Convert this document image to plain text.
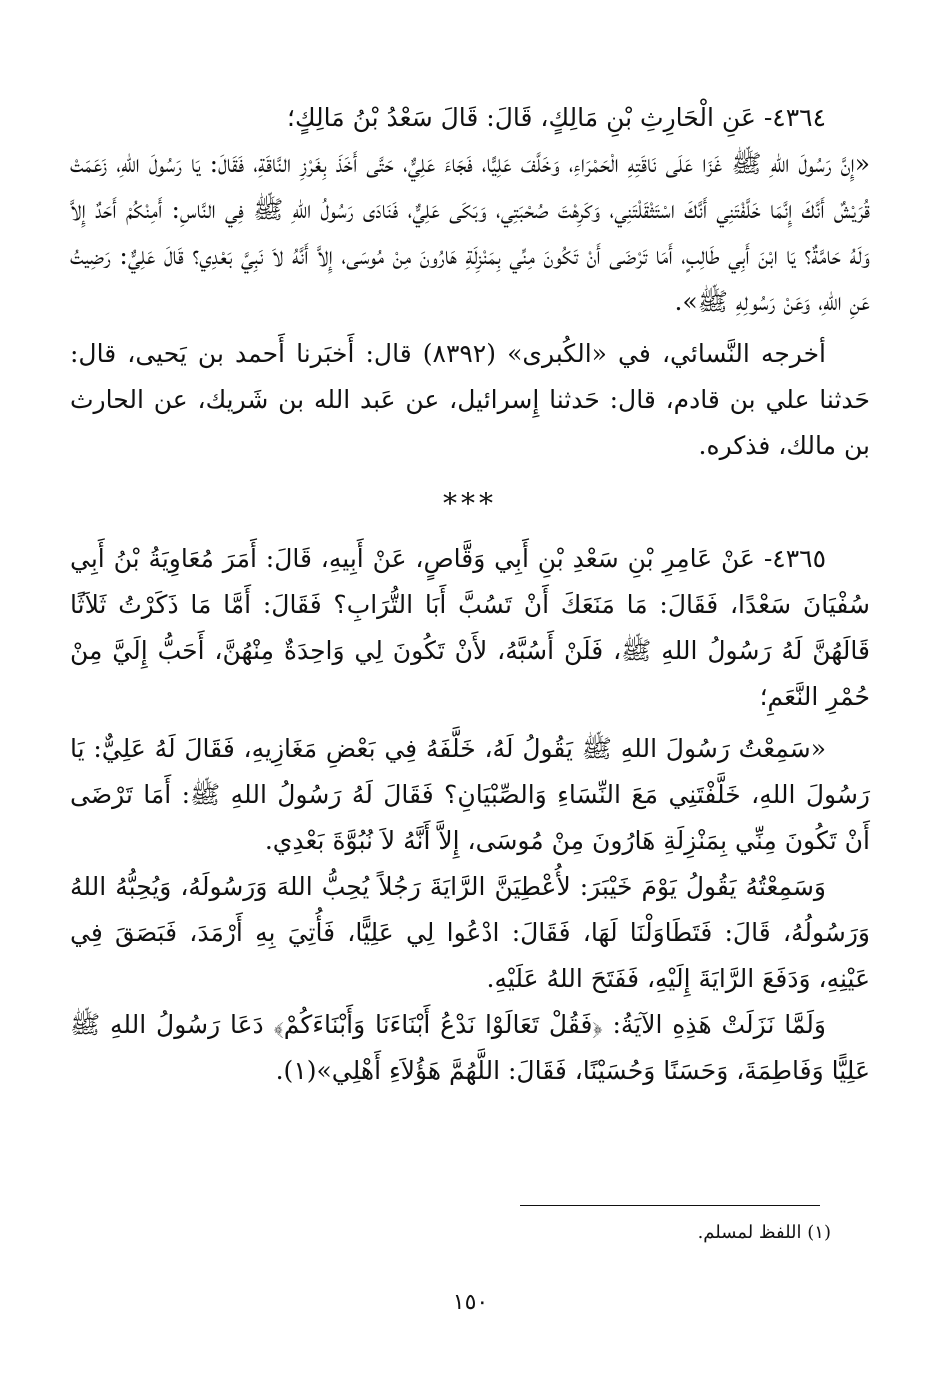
٤٣٦٤- عَنِ الْحَارِثِ بْنِ مَالِكٍ، قَالَ: قَالَ سَعْدُ بْنُ مَالِكٍ؛

«إِنَّ رَسُولَ اللهِ ﷺ غَزَا عَلَى نَاقَتِهِ الْحَمْرَاءِ، وَخَلَّفَ عَلِيًّا، فَجَاءَ عَلِيٌّ، حَتَّى أَخَذَ بِغَرْزِ النَّاقَةِ، فَقَالَ: يَا رَسُولَ اللهِ، زَعَمَتْ قُرَيْشٌ أَنَّكَ إِنَّمَا خَلَّفْتَنِي أَنَّكَ اسْتَثْقَلْتَنِي، وَكَرِهْتَ صُحْبَتِي، وَبَكَى عَلِيٌّ، فَنَادَى رَسُولُ اللهِ ﷺ فِي النَّاسِ: أَمِنْكُمْ أَحَدٌ إِلاَّ وَلَهُ حَامَّةٌ؟ يَا ابْنَ أَبِي طَالِبٍ، أَمَا تَرْضَى أَنْ تَكُونَ مِنِّي بِمَنْزِلَةِ هَارُونَ مِنْ مُوسَى، إِلاَّ أَنَّهُ لاَ نَبِيَّ بَعْدِي؟ قَالَ عَلِيٌّ: رَضِيتُ عَنِ اللهِ، وَعَنْ رَسُولِهِ ﷺ».

أخرجه النَّسائي، في «الكُبرى» (٨٣٩٢) قال: أَخبَرنا أَحمد بن يَحيى، قال: حَدثنا علي بن قادم، قال: حَدثنا إِسرائيل، عن عَبد الله بن شَريك، عن الحارث بن مالك، فذكره.

***

٤٣٦٥- عَنْ عَامِرِ بْنِ سَعْدِ بْنِ أَبِي وَقَّاصٍ، عَنْ أَبِيهِ، قَالَ: أَمَرَ مُعَاوِيَةُ بْنُ أَبِي سُفْيَانَ سَعْدًا، فَقَالَ: مَا مَنَعَكَ أَنْ تَسُبَّ أَبَا التُّرَابِ؟ فَقَالَ: أَمَّا مَا ذَكَرْتُ ثَلاَثًا قَالَهُنَّ لَهُ رَسُولُ اللهِ ﷺ، فَلَنْ أَسُبَّهُ، لأَنْ تَكُونَ لِي وَاحِدَةٌ مِنْهُنَّ، أَحَبُّ إِلَيَّ مِنْ حُمْرِ النَّعَمِ؛

«سَمِعْتُ رَسُولَ اللهِ ﷺ يَقُولُ لَهُ، خَلَّفَهُ فِي بَعْضِ مَغَازِيهِ، فَقَالَ لَهُ عَلِيٌّ: يَا رَسُولَ اللهِ، خَلَّفْتَنِي مَعَ النِّسَاءِ وَالصِّبْيَانِ؟ فَقَالَ لَهُ رَسُولُ اللهِ ﷺ: أَمَا تَرْضَى أَنْ تَكُونَ مِنِّي بِمَنْزِلَةِ هَارُونَ مِنْ مُوسَى، إِلاَّ أَنَّهُ لاَ نُبُوَّةَ بَعْدِي.

وَسَمِعْتُهُ يَقُولُ يَوْمَ خَيْبَرَ: لأُعْطِيَنَّ الرَّايَةَ رَجُلاً يُحِبُّ اللهَ وَرَسُولَهُ، وَيُحِبُّهُ اللهُ وَرَسُولُهُ، قَالَ: فَتَطَاوَلْنَا لَهَا، فَقَالَ: ادْعُوا لِي عَلِيًّا، فَأُتِيَ بِهِ أَرْمَدَ، فَبَصَقَ فِي عَيْنِهِ، وَدَفَعَ الرَّايَةَ إِلَيْهِ، فَفَتَحَ اللهُ عَلَيْهِ.

وَلَمَّا نَزَلَتْ هَذِهِ الآيَةُ: ﴿فَقُلْ تَعَالَوْا نَدْعُ أَبْنَاءَنَا وَأَبْنَاءَكُمْ﴾ دَعَا رَسُولُ اللهِ ﷺ عَلِيًّا وَفَاطِمَةَ، وَحَسَنًا وَحُسَيْنًا، فَقَالَ: اللَّهُمَّ هَؤُلاَءِ أَهْلِي»(١).

(١) اللفظ لمسلم.
١٥٠
